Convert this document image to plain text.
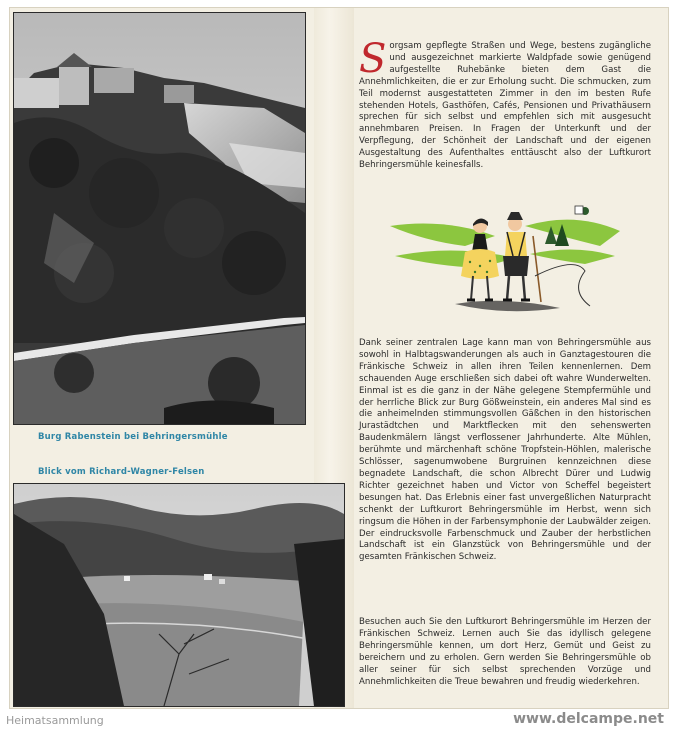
Burg Rabenstein bei Behringersmühle
Blick vom Richard-Wagner-Felsen
Sorgsam gepflegte Straßen und Wege, bestens zugängliche und ausgezeichnet markierte Waldpfade sowie genügend aufgestellte Ruhebänke bieten dem Gast die Annehmlichkeiten, die er zur Erholung sucht. Die schmucken, zum Teil modernst ausgestatteten Zimmer in den im besten Rufe stehenden Hotels, Gasthöfen, Cafés, Pensionen und Privathäusern sprechen für sich selbst und empfehlen sich mit ausgesucht annehmbaren Preisen. In Fragen der Unterkunft und der Verpflegung, der Schönheit der Landschaft und der eigenen Ausgestaltung des Aufenthaltes enttäuscht also der Luftkurort Behringersmühle keinesfalls.
Dank seiner zentralen Lage kann man von Behringersmühle aus sowohl in Halbtagswanderungen als auch in Ganztagestouren die Fränkische Schweiz in allen ihren Teilen kennenlernen. Dem schauenden Auge erschließen sich dabei oft wahre Wunderwelten. Einmal ist es die ganz in der Nähe gelegene Stempfermühle und der herrliche Blick zur Burg Gößweinstein, ein anderes Mal sind es die anheimelnden stimmungsvollen Gäßchen in den historischen Jurastädtchen und Marktflecken mit den sehenswerten Baudenkmälern längst verflossener Jahrhunderte. Alte Mühlen, berühmte und märchenhaft schöne Tropfstein-Höhlen, malerische Schlösser, sagenumwobene Burgruinen kennzeichnen diese begnadete Landschaft, die schon Albrecht Dürer und Ludwig Richter gezeichnet haben und Victor von Scheffel begeistert besungen hat. Das Erlebnis einer fast unvergeßlichen Naturpracht schenkt der Luftkurort Behringersmühle im Herbst, wenn sich ringsum die Höhen in der Farbensymphonie der Laubwälder zeigen. Der eindrucksvolle Farbenschmuck und Zauber der herbstlichen Landschaft ist ein Glanzstück von Behringersmühle und der gesamten Fränkischen Schweiz.
Besuchen auch Sie den Luftkurort Behringersmühle im Herzen der Fränkischen Schweiz. Lernen auch Sie das idyllisch gelegene Behringersmühle kennen, um dort Herz, Gemüt und Geist zu bereichern und zu erholen. Gern werden Sie Behringersmühle ob aller seiner für sich selbst sprechenden Vorzüge und Annehmlichkeiten die Treue bewahren und freudig wiederkehren.
Heimatsammlung	www.delcampe.net
